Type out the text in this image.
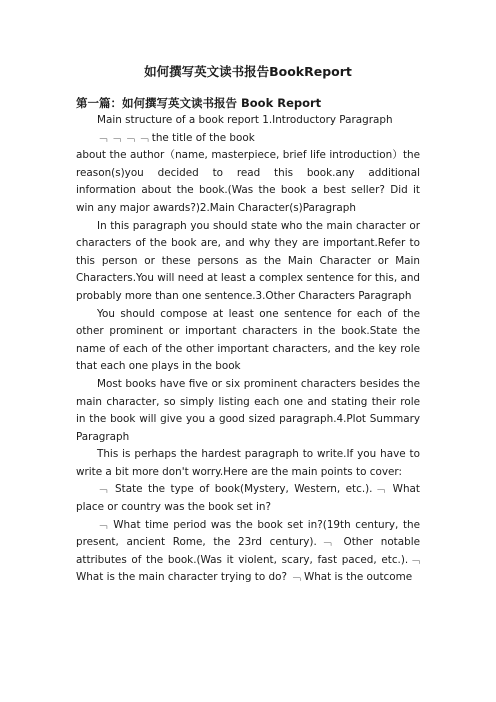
如何撰写英文读书报告BookReport
第一篇：如何撰写英文读书报告 Book Report

Main structure of a book report 1.Introductory Paragraph

﹁ ﹁ ﹁ ﹁ the title of the book

about the author（name, masterpiece, brief life introduction）the reason(s)you decided to read this book.any additional information about the book.(Was the book a best seller? Did it win any major awards?)2.Main Character(s)Paragraph

In this paragraph you should state who the main character or characters of the book are, and why they are important.Refer to this person or these persons as the Main Character or Main Characters.You will need at least a complex sentence for this, and probably more than one sentence.3.Other Characters Paragraph

You should compose at least one sentence for each of the other prominent or important characters in the book.State the name of each of the other important characters, and the key role that each one plays in the book

Most books have five or six prominent characters besides the main character, so simply listing each one and stating their role in the book will give you a good sized paragraph.4.Plot Summary Paragraph

This is perhaps the hardest paragraph to write.If you have to write a bit more don't worry.Here are the main points to cover:

﹁ State the type of book(Mystery, Western, etc.).﹁ What place or country was the book set in?

﹁ What time period was the book set in?(19th century, the present, ancient Rome, the 23rd century).﹁ Other notable attributes of the book.(Was it violent, scary, fast paced, etc.).﹁ What is the main character trying to do? ﹁ What is the outcome
